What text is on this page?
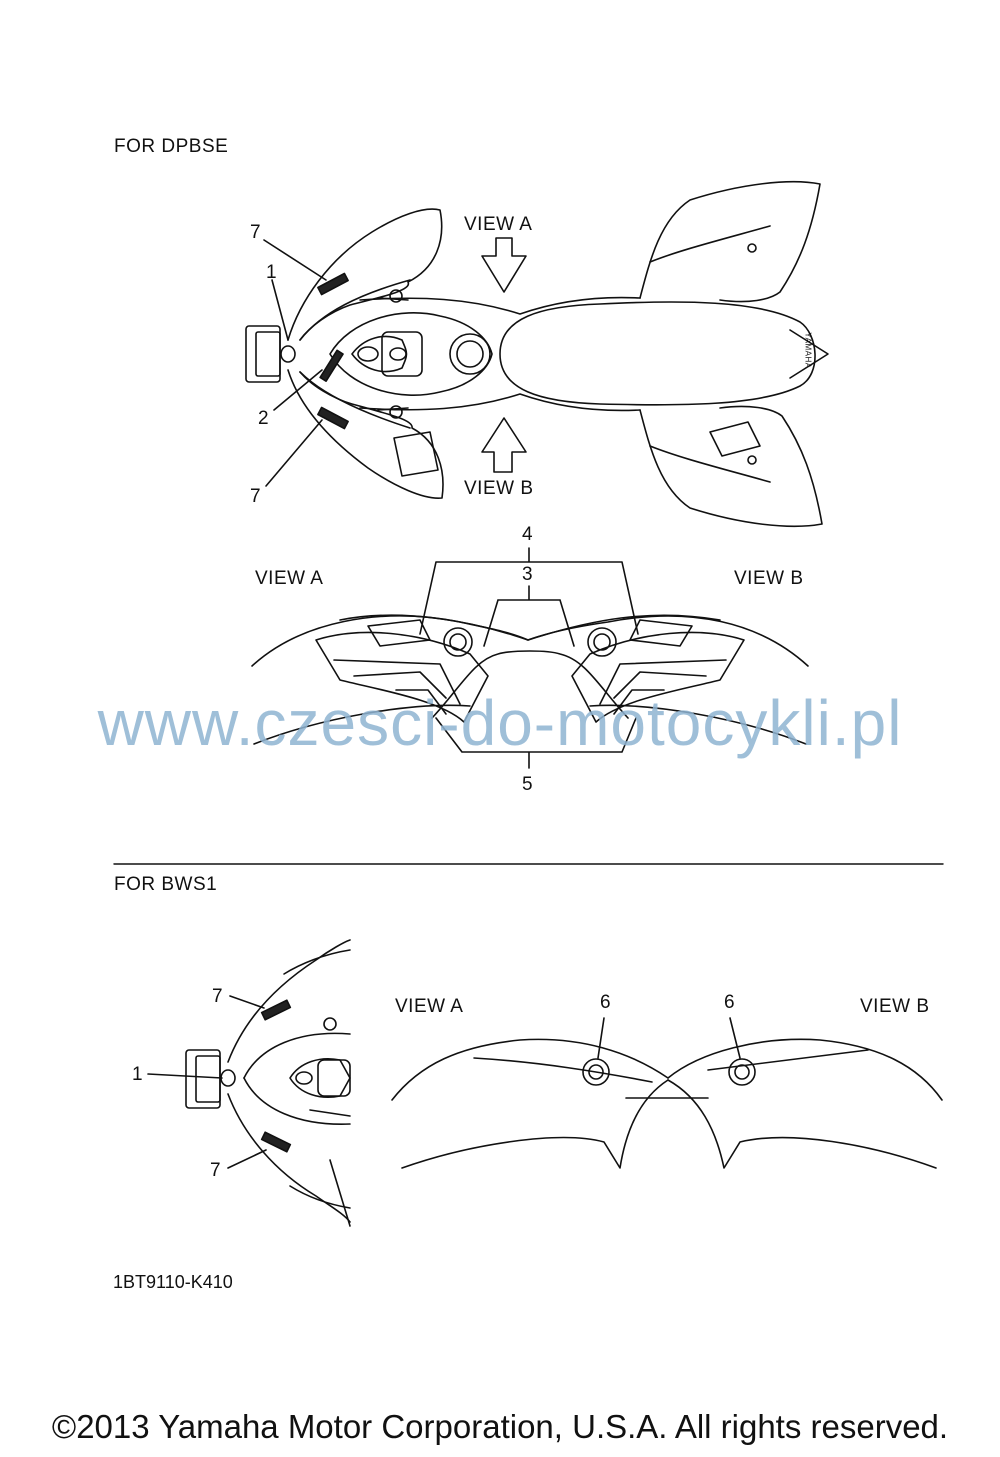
FOR DPBSE
VIEW A
VIEW B
7
1
2
7
VIEW A	VIEW B
4
3
5
www.czesci-do-motocykli.pl
FOR BWS1
7
1
7
VIEW A	VIEW B
6	6
1BT9110-K410
YAMAHA
©2013 Yamaha Motor Corporation, U.S.A. All rights reserved.
